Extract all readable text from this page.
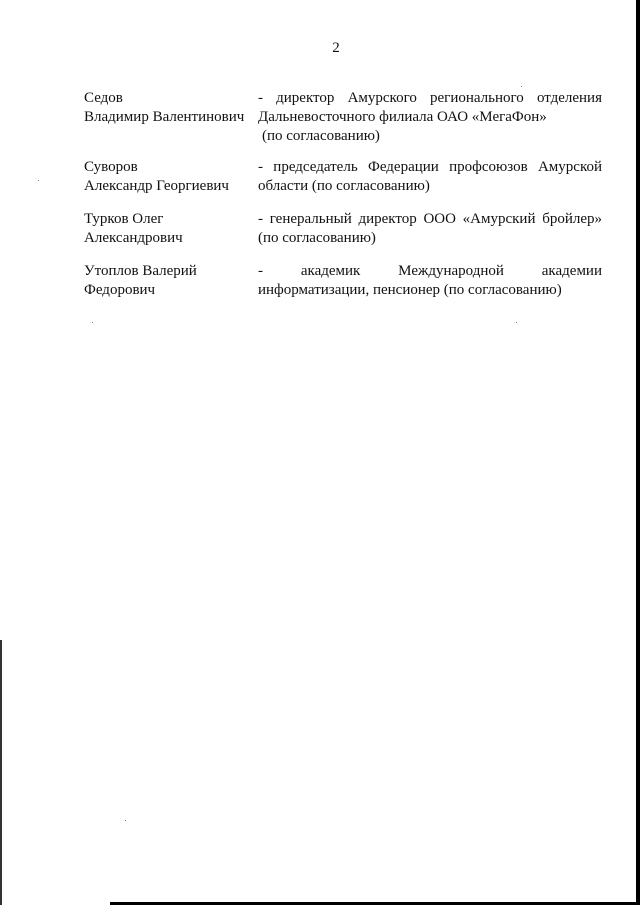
2
Седов
Владимир Валентинович
- директор Амурского регионального отделения
Дальневосточного филиала ОАО «МегаФон»
(по согласованию)
Суворов
Александр Георгиевич
- председатель Федерации профсоюзов Амурской
области (по согласованию)
Турков Олег
Александрович
- генеральный директор ООО «Амурский бройлер»
(по согласованию)
Утоплов Валерий
Федорович
- академик Международной академии
информатизации, пенсионер (по согласованию)
